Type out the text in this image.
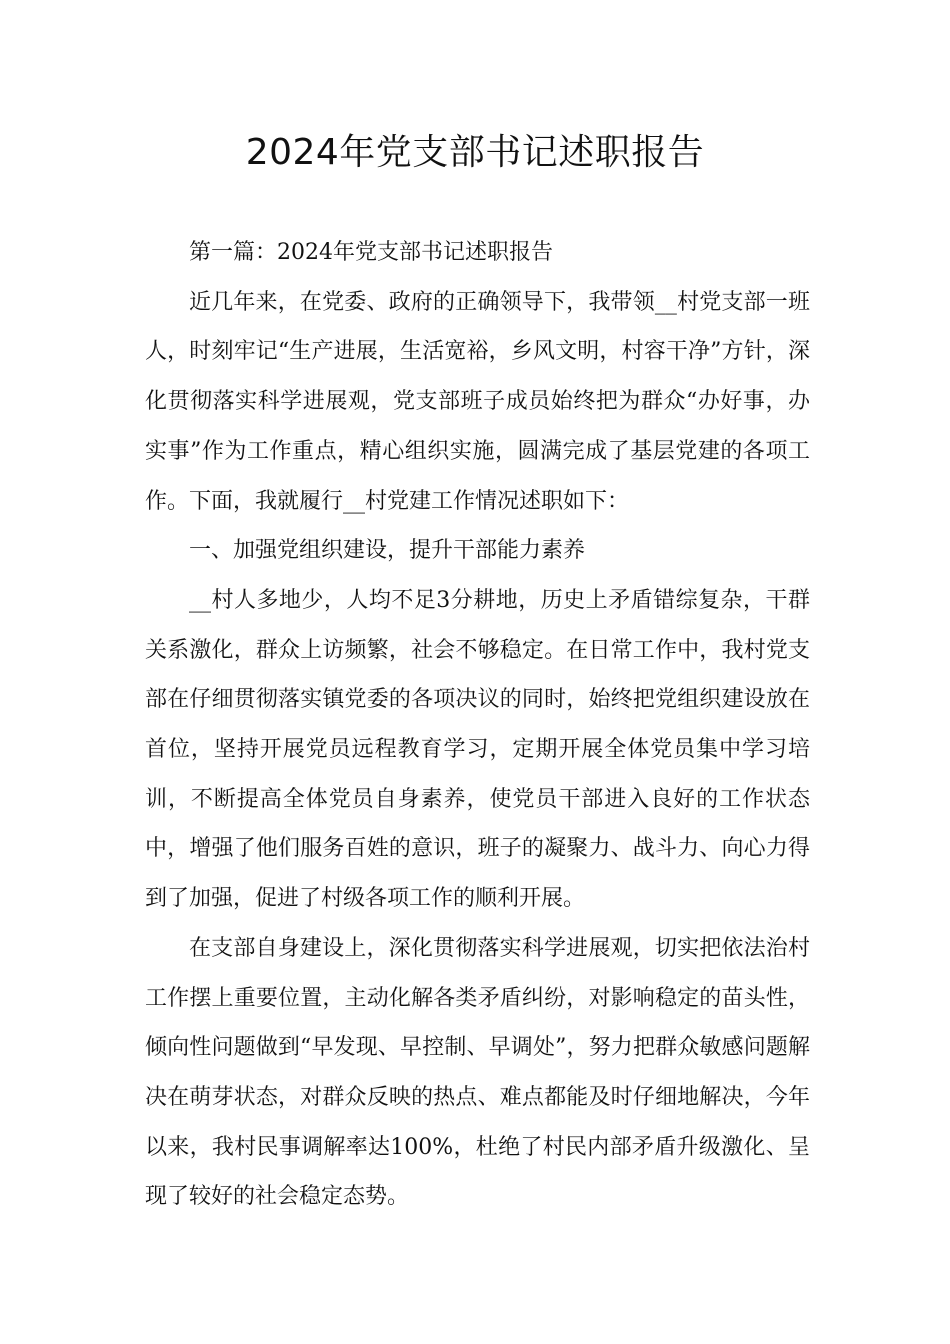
2024年党支部书记述职报告

第一篇：2024年党支部书记述职报告

近几年来，在党委、政府的正确领导下，我带领__村党支部一班人，时刻牢记“生产进展，生活宽裕，乡风文明，村容干净”方针，深化贯彻落实科学进展观，党支部班子成员始终把为群众“办好事，办实事”作为工作重点，精心组织实施，圆满完成了基层党建的各项工作。下面，我就履行__村党建工作情况述职如下：

一、加强党组织建设，提升干部能力素养

__村人多地少，人均不足3分耕地，历史上矛盾错综复杂，干群关系激化，群众上访频繁，社会不够稳定。在日常工作中，我村党支部在仔细贯彻落实镇党委的各项决议的同时，始终把党组织建设放在首位，坚持开展党员远程教育学习，定期开展全体党员集中学习培训，不断提高全体党员自身素养，使党员干部进入良好的工作状态中，增强了他们服务百姓的意识，班子的凝聚力、战斗力、向心力得到了加强，促进了村级各项工作的顺利开展。

在支部自身建设上，深化贯彻落实科学进展观，切实把依法治村工作摆上重要位置，主动化解各类矛盾纠纷，对影响稳定的苗头性，倾向性问题做到“早发现、早控制、早调处”，努力把群众敏感问题解决在萌芽状态，对群众反映的热点、难点都能及时仔细地解决，今年以来，我村民事调解率达100%，杜绝了村民内部矛盾升级激化、呈现了较好的社会稳定态势。
